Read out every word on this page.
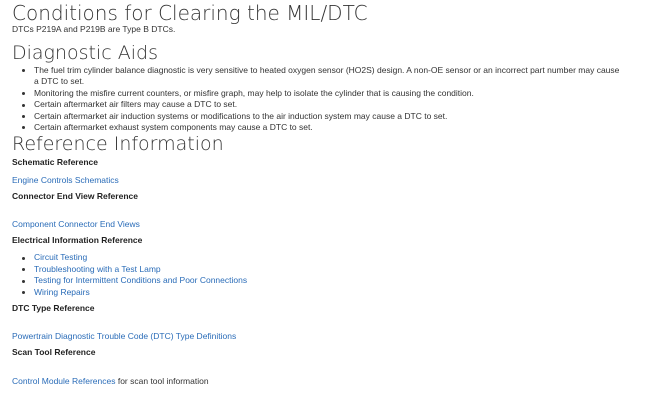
Conditions for Clearing the MIL/DTC
DTCs P219A and P219B are Type B DTCs.
Diagnostic Aids
The fuel trim cylinder balance diagnostic is very sensitive to heated oxygen sensor (HO2S) design. A non-OE sensor or an incorrect part number may cause a DTC to set.
Monitoring the misfire current counters, or misfire graph, may help to isolate the cylinder that is causing the condition.
Certain aftermarket air filters may cause a DTC to set.
Certain aftermarket air induction systems or modifications to the air induction system may cause a DTC to set.
Certain aftermarket exhaust system components may cause a DTC to set.
Reference Information
Schematic Reference
Engine Controls Schematics
Connector End View Reference
Component Connector End Views
Electrical Information Reference
Circuit Testing
Troubleshooting with a Test Lamp
Testing for Intermittent Conditions and Poor Connections
Wiring Repairs
DTC Type Reference
Powertrain Diagnostic Trouble Code (DTC) Type Definitions
Scan Tool Reference
Control Module References for scan tool information
